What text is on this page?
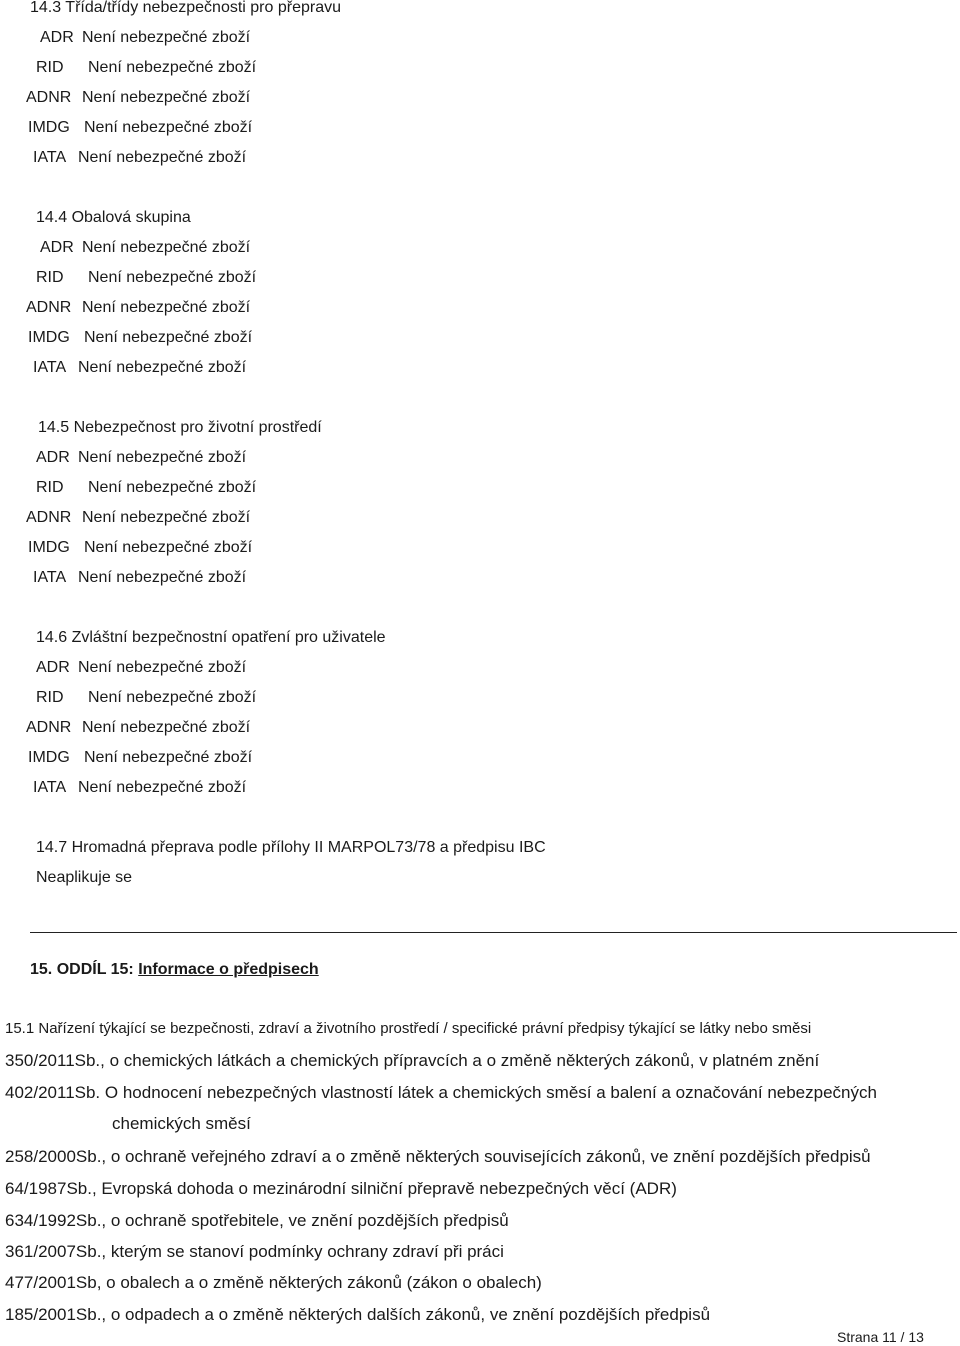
14.3 Třída/třídy nebezpečnosti pro přepravu
ADR Není nebezpečné zboží
RID Není nebezpečné zboží
ADNR Není nebezpečné zboží
IMDG Není nebezpečné zboží
IATA Není nebezpečné zboží
14.4 Obalová skupina
ADR Není nebezpečné zboží
RID Není nebezpečné zboží
ADNR Není nebezpečné zboží
IMDG Není nebezpečné zboží
IATA Není nebezpečné zboží
14.5 Nebezpečnost pro životní prostředí
ADR Není nebezpečné zboží
RID Není nebezpečné zboží
ADNR Není nebezpečné zboží
IMDG Není nebezpečné zboží
IATA Není nebezpečné zboží
14.6 Zvláštní bezpečnostní opatření pro uživatele
ADR Není nebezpečné zboží
RID Není nebezpečné zboží
ADNR Není nebezpečné zboží
IMDG Není nebezpečné zboží
IATA Není nebezpečné zboží
14.7 Hromadná přeprava podle přílohy II MARPOL73/78 a předpisu IBC
Neaplikuje se
15. ODDÍL 15: Informace o předpisech
15.1 Nařízení týkající se bezpečnosti, zdraví a životního prostředí / specifické právní předpisy týkající se látky nebo směsi
350/2011Sb., o chemických látkách a chemických přípravcích a o změně některých zákonů, v platném znění
402/2011Sb. O hodnocení nebezpečných vlastností látek a chemických směsí a balení a označování nebezpečných
chemických směsí
258/2000Sb., o ochraně veřejného zdraví a o změně některých souvisejících zákonů, ve znění pozdějších předpisů
64/1987Sb., Evropská dohoda o mezinárodní silniční přepravě nebezpečných věcí (ADR)
634/1992Sb., o ochraně spotřebitele, ve znění pozdějších předpisů
361/2007Sb., kterým se stanoví podmínky ochrany zdraví při práci
477/2001Sb, o obalech a o změně některých zákonů (zákon o obalech)
185/2001Sb., o odpadech a o změně některých dalších zákonů, ve znění pozdějších předpisů
Strana 11 / 13
